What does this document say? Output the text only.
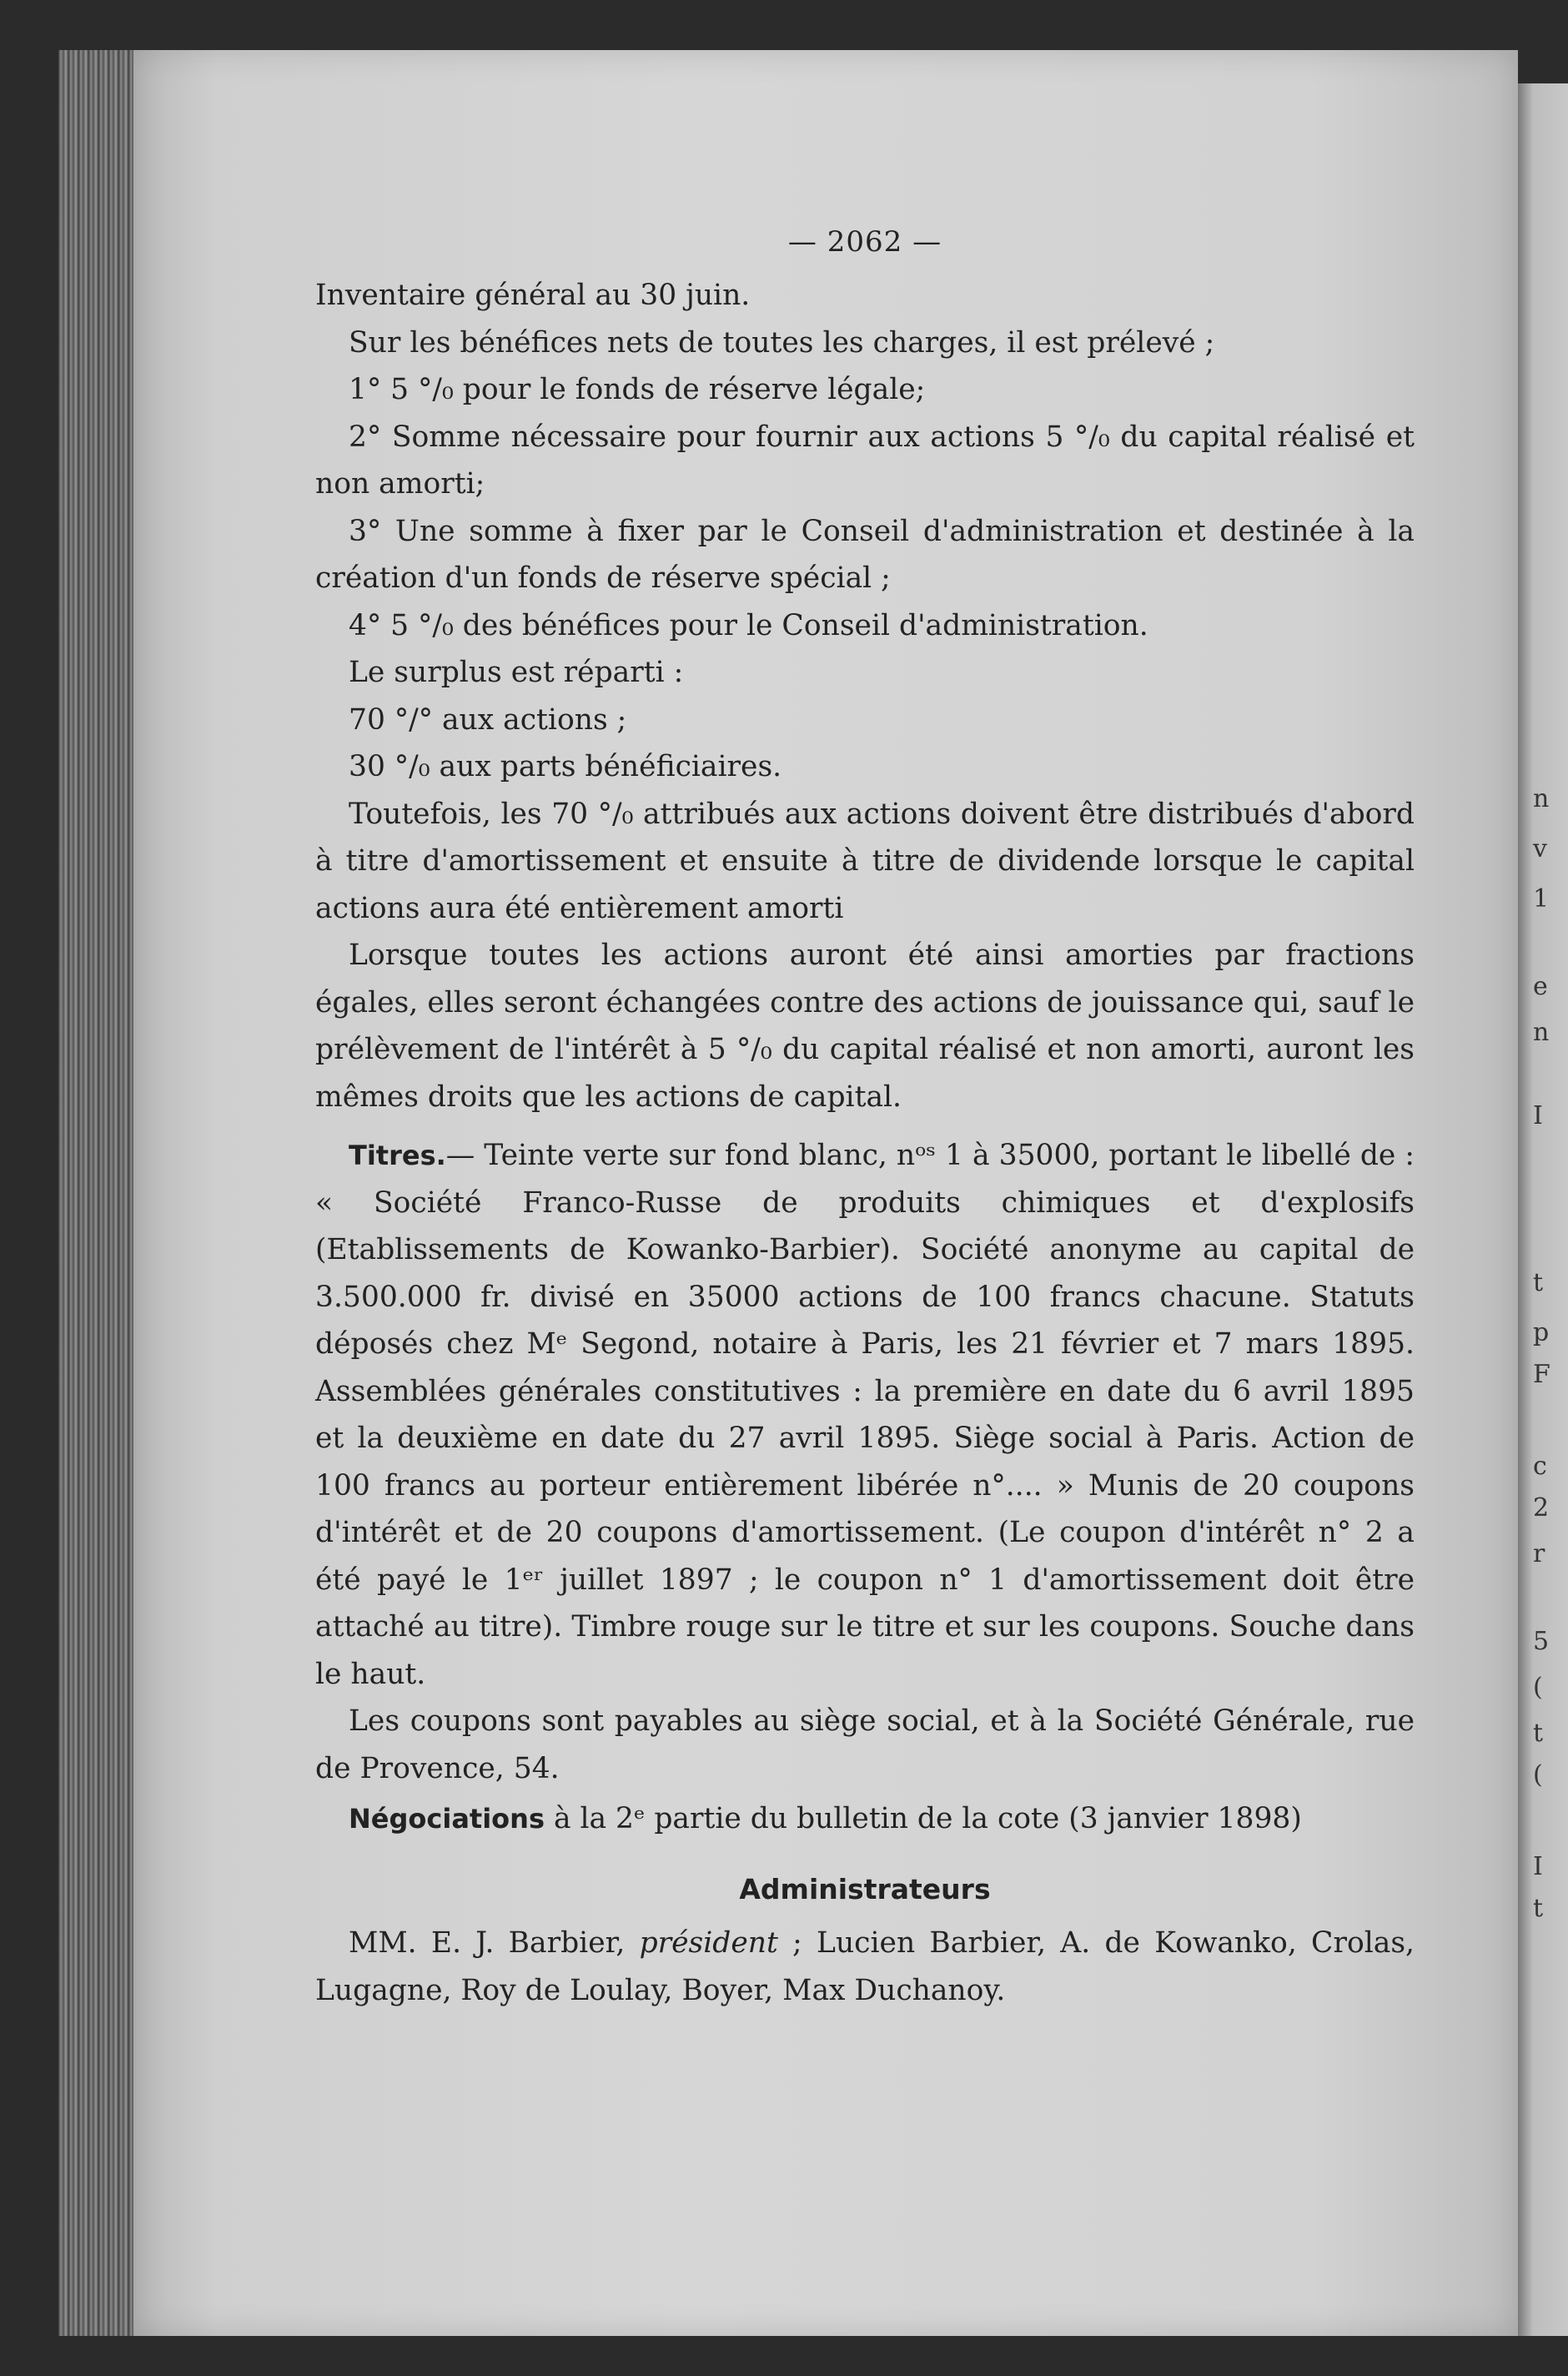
n
v
1
e
n
I
t
p
F
c
2
r
5
(
t
(
I
t
— 2062 —

Inventaire général au 30 juin.

Sur les bénéfices nets de toutes les charges, il est prélevé ;

1° 5 °/₀ pour le fonds de réserve légale;

2° Somme nécessaire pour fournir aux actions 5 °/₀ du capital réalisé et non amorti;

3° Une somme à fixer par le Conseil d'administration et destinée à la création d'un fonds de réserve spécial ;

4° 5 °/₀ des bénéfices pour le Conseil d'administration.

Le surplus est réparti :

70 °/° aux actions ;

30 °/₀ aux parts bénéficiaires.

Toutefois, les 70 °/₀ attribués aux actions doivent être distribués d'abord à titre d'amortissement et ensuite à titre de dividende lorsque le capital actions aura été entièrement amorti

Lorsque toutes les actions auront été ainsi amorties par fractions égales, elles seront échangées contre des actions de jouissance qui, sauf le prélèvement de l'intérêt à 5 °/₀ du capital réalisé et non amorti, auront les mêmes droits que les actions de capital.

Titres.— Teinte verte sur fond blanc, nᵒˢ 1 à 35000, portant le libellé de : « Société Franco-Russe de produits chimiques et d'explosifs (Etablissements de Kowanko-Barbier). Société anonyme au capital de 3.500.000 fr. divisé en 35000 actions de 100 francs chacune. Statuts déposés chez Mᵉ Segond, notaire à Paris, les 21 février et 7 mars 1895. Assemblées générales constitutives : la première en date du 6 avril 1895 et la deuxième en date du 27 avril 1895. Siège social à Paris. Action de 100 francs au porteur entièrement libérée n°.... » Munis de 20 coupons d'intérêt et de 20 coupons d'amortissement. (Le coupon d'intérêt n° 2 a été payé le 1ᵉʳ juillet 1897 ; le coupon n° 1 d'amortissement doit être attaché au titre). Timbre rouge sur le titre et sur les coupons. Souche dans le haut.

Les coupons sont payables au siège social, et à la Société Générale, rue de Provence, 54.

Négociations à la 2ᵉ partie du bulletin de la cote (3 janvier 1898)

Administrateurs

MM. E. J. Barbier, président ; Lucien Barbier, A. de Kowanko, Crolas, Lugagne, Roy de Loulay, Boyer, Max Duchanoy.
